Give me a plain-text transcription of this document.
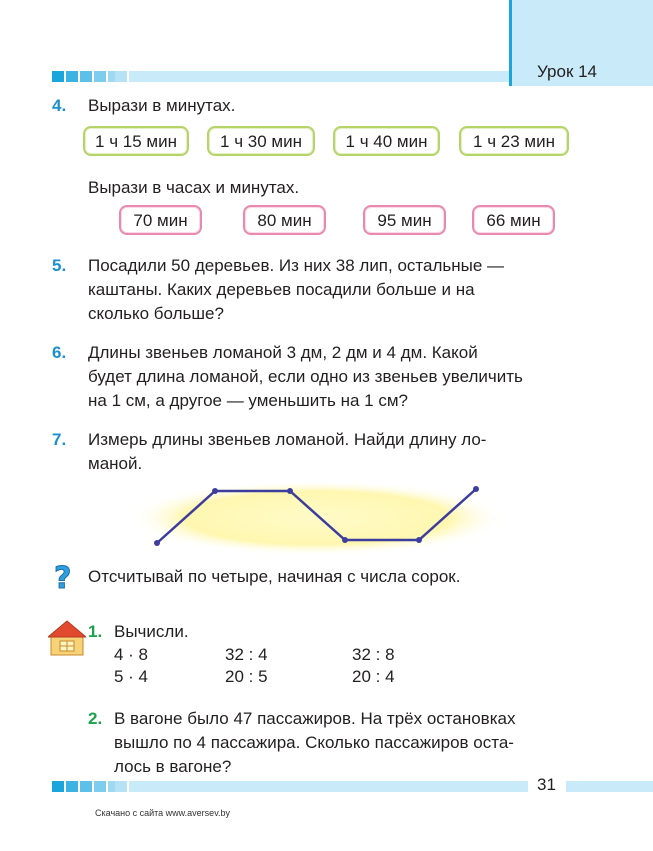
Урок 14
4. Вырази в минутах.
1 ч 15 мин	1 ч 30 мин	1 ч 40 мин	1 ч 23 мин
Вырази в часах и минутах.
70 мин	80 мин	95 мин	66 мин
5. Посадили 50 деревьев. Из них 38 лип, остальные —
каштаны. Каких деревьев посадили больше и на
сколько больше?
6. Длины звеньев ломаной 3 дм, 2 дм и 4 дм. Какой
будет длина ломаной, если одно из звеньев увеличить
на 1 см, а другое — уменьшить на 1 см?
7. Измерь длины звеньев ломаной. Найди длину ло-
маной.
? Отсчитывай по четыре, начиная с числа сорок.
1. Вычисли.
4 · 8	32 : 4	32 : 8
5 · 4	20 : 5	20 : 4
2. В вагоне было 47 пассажиров. На трёх остановках
вышло по 4 пассажира. Сколько пассажиров оста-
лось в вагоне?
31
Скачано с сайта www.aversev.by
